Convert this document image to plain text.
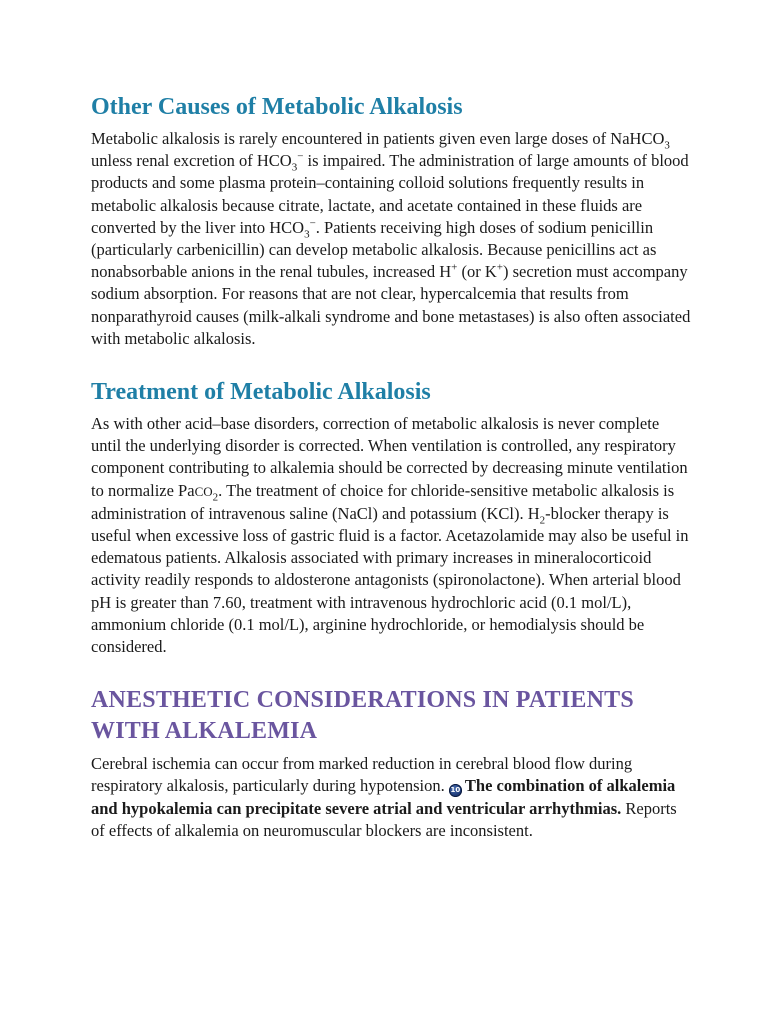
Other Causes of Metabolic Alkalosis

Metabolic alkalosis is rarely encountered in patients given even large doses of NaHCO$_3$ unless renal excretion of $HCO_3^-$ is impaired. The administration of large amounts of blood products and some plasma protein–containing colloid solutions frequently results in metabolic alkalosis because citrate, lactate, and acetate contained in these fluids are converted by the liver into $HCO_3^-$. Patients receiving high doses of sodium penicillin (particularly carbenicillin) can develop metabolic alkalosis. Because penicillins act as nonabsorbable anions in the renal tubules, increased H+ (or K+) secretion must accompany sodium absorption. For reasons that are not clear, hypercalcemia that results from nonparathyroid causes (milk-alkali syndrome and bone metastases) is also often associated with metabolic alkalosis.

Treatment of Metabolic Alkalosis

As with other acid–base disorders, correction of metabolic alkalosis is never complete until the underlying disorder is corrected. When ventilation is controlled, any respiratory component contributing to alkalemia should be corrected by decreasing minute ventilation to normalize PaCO$_2$. The treatment of choice for chloride-sensitive metabolic alkalosis is administration of intravenous saline (NaCl) and potassium (KCl). $H_2$-blocker therapy is useful when excessive loss of gastric fluid is a factor. Acetazolamide may also be useful in edematous patients. Alkalosis associated with primary increases in mineralocorticoid activity readily responds to aldosterone antagonists (spironolactone). When arterial blood pH is greater than 7.60, treatment with intravenous hydrochloric acid (0.1 mol/L), ammonium chloride (0.1 mol/L), arginine hydrochloride, or hemodialysis should be considered.

ANESTHETIC CONSIDERATIONS IN PATIENTS WITH ALKALEMIA

Cerebral ischemia can occur from marked reduction in cerebral blood flow during respiratory alkalosis, particularly during hypotension. 10 The combination of alkalemia and hypokalemia can precipitate severe atrial and ventricular arrhythmias. Reports of effects of alkalemia on neuromuscular blockers are inconsistent.
